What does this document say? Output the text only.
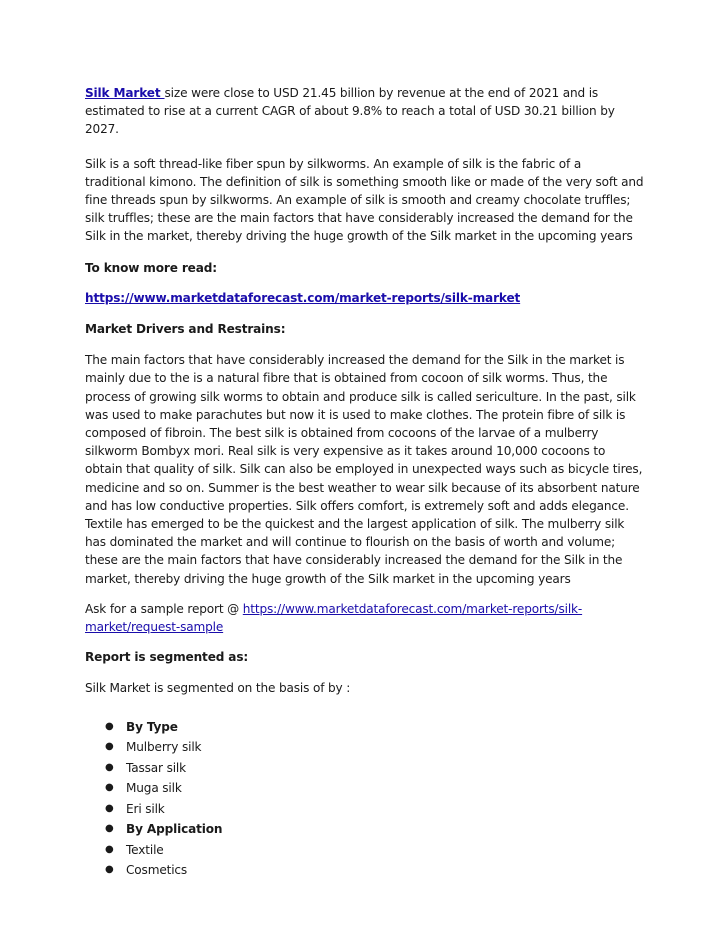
Silk Market size were close to USD 21.45 billion by revenue at the end of 2021 and is estimated to rise at a current CAGR of about 9.8% to reach a total of USD 30.21 billion by 2027.

Silk is a soft thread-like fiber spun by silkworms. An example of silk is the fabric of a traditional kimono. The definition of silk is something smooth like or made of the very soft and fine threads spun by silkworms. An example of silk is smooth and creamy chocolate truffles; silk truffles; these are the main factors that have considerably increased the demand for the Silk in the market, thereby driving the huge growth of the Silk market in the upcoming years

To know more read:

https://www.marketdataforecast.com/market-reports/silk-market

Market Drivers and Restrains:

The main factors that have considerably increased the demand for the Silk in the market is mainly due to the is a natural fibre that is obtained from cocoon of silk worms. Thus, the process of growing silk worms to obtain and produce silk is called sericulture. In the past, silk was used to make parachutes but now it is used to make clothes. The protein fibre of silk is composed of fibroin. The best silk is obtained from cocoons of the larvae of a mulberry silkworm Bombyx mori. Real silk is very expensive as it takes around 10,000 cocoons to obtain that quality of silk. Silk can also be employed in unexpected ways such as bicycle tires, medicine and so on. Summer is the best weather to wear silk because of its absorbent nature and has low conductive properties. Silk offers comfort, is extremely soft and adds elegance. Textile has emerged to be the quickest and the largest application of silk. The mulberry silk has dominated the market and will continue to flourish on the basis of worth and volume; these are the main factors that have considerably increased the demand for the Silk in the market, thereby driving the huge growth of the Silk market in the upcoming years

Ask for a sample report @ https://www.marketdataforecast.com/market-reports/silk-market/request-sample

Report is segmented as:

Silk Market is segmented on the basis of by :

● By Type
● Mulberry silk
● Tassar silk
● Muga silk
● Eri silk
● By Application
● Textile
● Cosmetics
